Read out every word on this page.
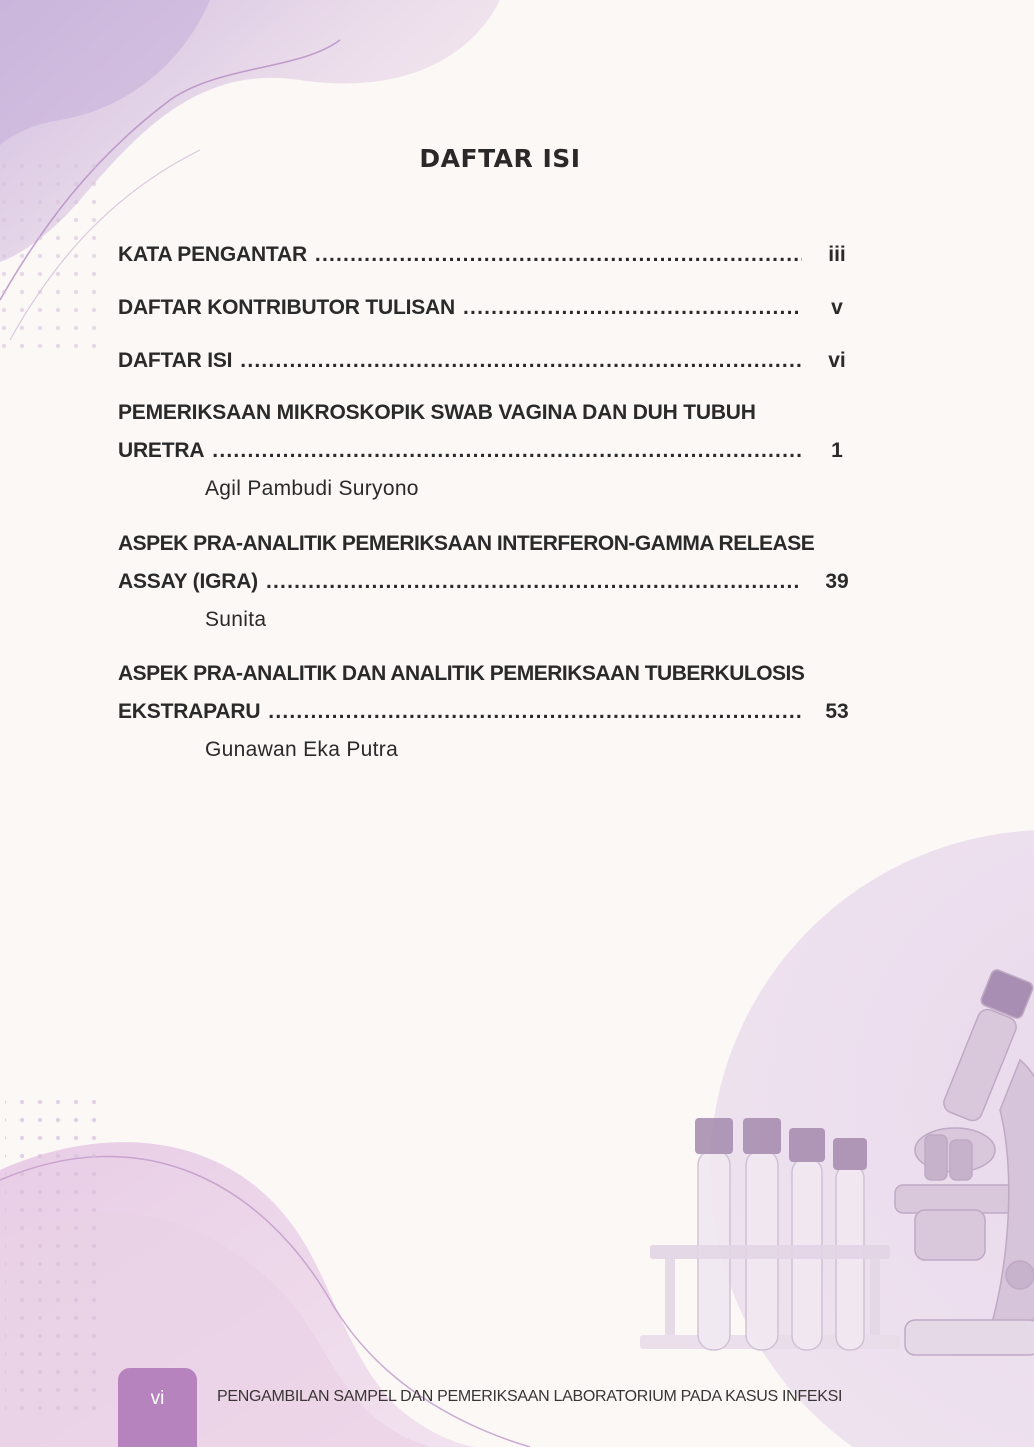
DAFTAR ISI
KATA PENGANTAR .....	iii
DAFTAR KONTRIBUTOR TULISAN .....	v
DAFTAR ISI .....	vi
PEMERIKSAAN MIKROSKOPIK SWAB VAGINA DAN DUH TUBUH
URETRA .....	1
Agil Pambudi Suryono
ASPEK PRA-ANALITIK PEMERIKSAAN INTERFERON-GAMMA RELEASE
ASSAY (IGRA) .....	39
Sunita
ASPEK PRA-ANALITIK DAN ANALITIK PEMERIKSAAN TUBERKULOSIS
EKSTRAPARU .....	53
Gunawan Eka Putra
vi	PENGAMBILAN SAMPEL DAN PEMERIKSAAN LABORATORIUM PADA KASUS INFEKSI
